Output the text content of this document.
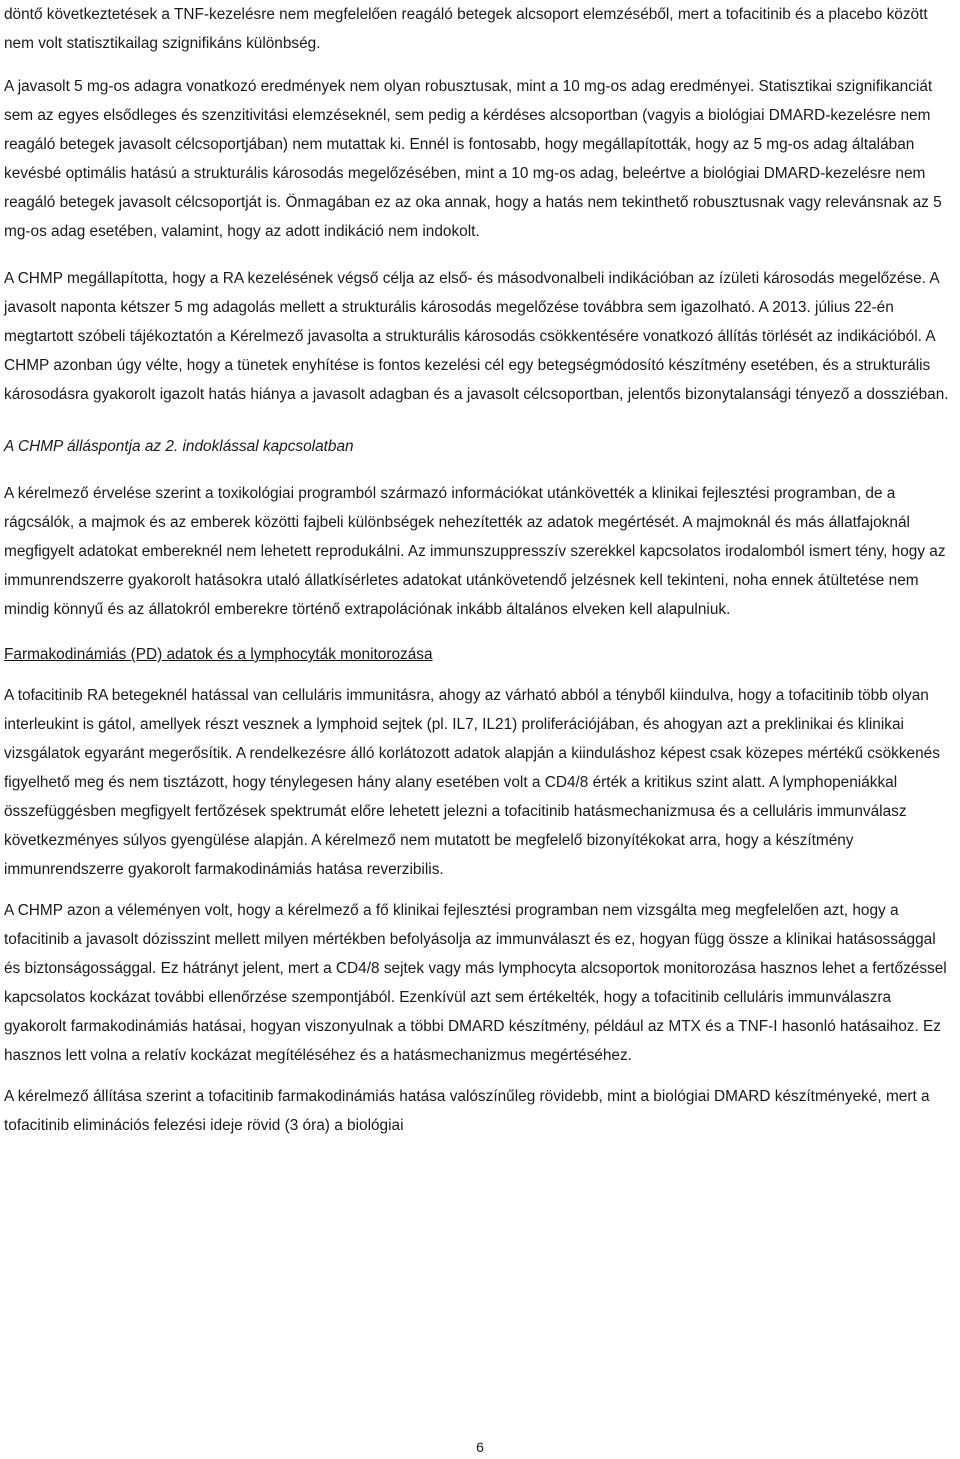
döntő következtetések a TNF-kezelésre nem megfelelően reagáló betegek alcsoport elemzéséből, mert a tofacitinib és a placebo között nem volt statisztikailag szignifikáns különbség.

A javasolt 5 mg-os adagra vonatkozó eredmények nem olyan robusztusak, mint a 10 mg-os adag eredményei. Statisztikai szignifikanciát sem az egyes elsődleges és szenzitivitási elemzéseknél, sem pedig a kérdéses alcsoportban (vagyis a biológiai DMARD-kezelésre nem reagáló betegek javasolt célcsoportjában) nem mutattak ki. Ennél is fontosabb, hogy megállapították, hogy az 5 mg-os adag általában kevésbé optimális hatású a strukturális károsodás megelőzésében, mint a 10 mg-os adag, beleértve a biológiai DMARD-kezelésre nem reagáló betegek javasolt célcsoportját is. Önmagában ez az oka annak, hogy a hatás nem tekinthető robusztusnak vagy relevánsnak az 5 mg-os adag esetében, valamint, hogy az adott indikáció nem indokolt.

A CHMP megállapította, hogy a RA kezelésének végső célja az első- és másodvonalbeli indikációban az ízületi károsodás megelőzése. A javasolt naponta kétszer 5 mg adagolás mellett a strukturális károsodás megelőzése továbbra sem igazolható. A 2013. július 22-én megtartott szóbeli tájékoztatón a Kérelmező javasolta a strukturális károsodás csökkentésére vonatkozó állítás törlését az indikációból. A CHMP azonban úgy vélte, hogy a tünetek enyhítése is fontos kezelési cél egy betegségmódosító készítmény esetében, és a strukturális károsodásra gyakorolt igazolt hatás hiánya a javasolt adagban és a javasolt célcsoportban, jelentős bizonytalansági tényező a dossziéban.

A CHMP álláspontja az 2. indoklással kapcsolatban

A kérelmező érvelése szerint a toxikológiai programból származó információkat utánkövették a klinikai fejlesztési programban, de a rágcsálók, a majmok és az emberek közötti fajbeli különbségek nehezítették az adatok megértését. A majmoknál és más állatfajoknál megfigyelt adatokat embereknél nem lehetett reprodukálni. Az immunszuppresszív szerekkel kapcsolatos irodalomból ismert tény, hogy az immunrendszerre gyakorolt hatásokra utaló állatkísérletes adatokat utánkövetendő jelzésnek kell tekinteni, noha ennek átültetése nem mindig könnyű és az állatokról emberekre történő extrapolációnak inkább általános elveken kell alapulniuk.

Farmakodinámiás (PD) adatok és a lymphocyták monitorozása

A tofacitinib RA betegeknél hatással van celluláris immunitásra, ahogy az várható abból a tényből kiindulva, hogy a tofacitinib több olyan interleukint is gátol, amellyek részt vesznek a lymphoid sejtek (pl. IL7, IL21) proliferációjában, és ahogyan azt a preklinikai és klinikai vizsgálatok egyaránt megerősítik. A rendelkezésre álló korlátozott adatok alapján a kiinduláshoz képest csak közepes mértékű csökkenés figyelhető meg és nem tisztázott, hogy ténylegesen hány alany esetében volt a CD4/8 érték a kritikus szint alatt. A lymphopeniákkal összefüggésben megfigyelt fertőzések spektrumát előre lehetett jelezni a tofacitinib hatásmechanizmusa és a celluláris immunválasz következményes súlyos gyengülése alapján. A kérelmező nem mutatott be megfelelő bizonyítékokat arra, hogy a készítmény immunrendszerre gyakorolt farmakodinámiás hatása reverzibilis.

A CHMP azon a véleményen volt, hogy a kérelmező a fő klinikai fejlesztési programban nem vizsgálta meg megfelelően azt, hogy a tofacitinib a javasolt dózisszint mellett milyen mértékben befolyásolja az immunválaszt és ez, hogyan függ össze a klinikai hatásossággal és biztonságossággal. Ez hátrányt jelent, mert a CD4/8 sejtek vagy más lymphocyta alcsoportok monitorozása hasznos lehet a fertőzéssel kapcsolatos kockázat további ellenőrzése szempontjából. Ezenkívül azt sem értékelték, hogy a tofacitinib celluláris immunválaszra gyakorolt farmakodinámiás hatásai, hogyan viszonyulnak a többi DMARD készítmény, például az MTX és a TNF-I hasonló hatásaihoz. Ez hasznos lett volna a relatív kockázat megítéléséhez és a hatásmechanizmus megértéséhez.

A kérelmező állítása szerint a tofacitinib farmakodinámiás hatása valószínűleg rövidebb, mint a biológiai DMARD készítményeké, mert a tofacitinib eliminációs felezési ideje rövid (3 óra) a biológiai

6
